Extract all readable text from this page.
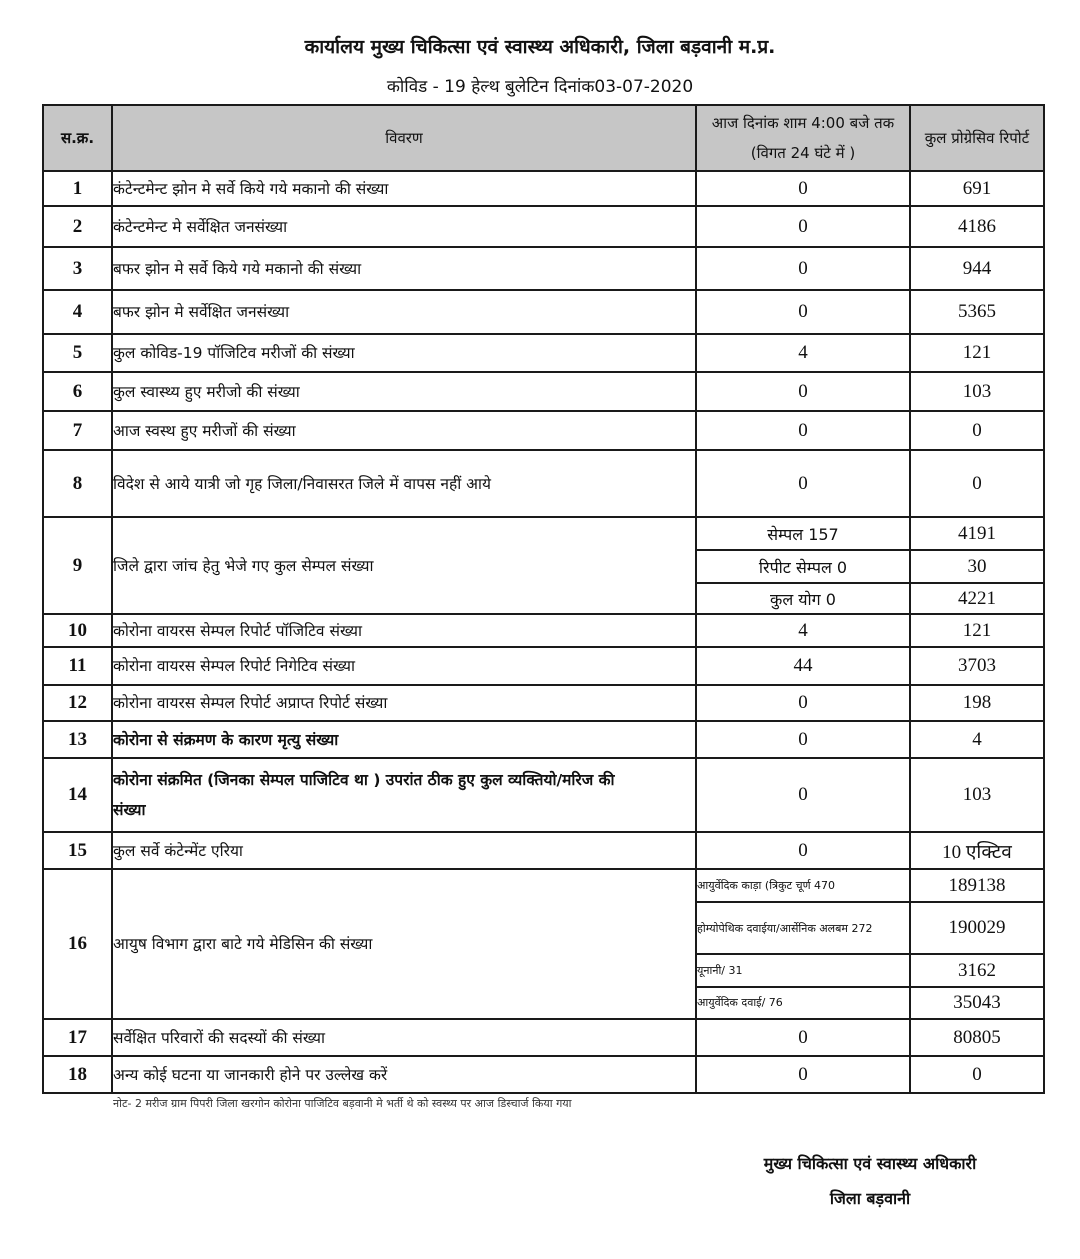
कार्यालय मुख्य चिकित्सा एवं स्वास्थ्य अधिकारी, जिला बड़वानी म.प्र.
कोविड - 19 हेल्थ बुलेटिन दिनांक03-07-2020
स.क्र.	विवरण	आज दिनांक शाम 4:00 बजे तक (विगत 24 घंटे में )	कुल प्रोग्रेसिव रिपोर्ट
1	कंटेन्टमेन्ट झोन मे सर्वे किये गये मकानो की संख्या	0	691
2	कंटेन्टमेन्ट मे सर्वेक्षित जनसंख्या	0	4186
3	बफर झोन मे सर्वे किये गये मकानो की संख्या	0	944
4	बफर झोन मे सर्वेक्षित जनसंख्या	0	5365
5	कुल कोविड-19 पॉजिटिव मरीजों की संख्या	4	121
6	कुल स्वास्थ्य हुए मरीजो की संख्या	0	103
7	आज स्वस्थ हुए मरीजों की संख्या	0	0
8	विदेश से आये यात्री जो गृह जिला/निवासरत जिले में वापस नहीं आये	0	0
9	जिले द्वारा जांच हेतु भेजे गए कुल सेम्पल संख्या	सेम्पल 157	4191
		रिपीट सेम्पल 0	30
		कुल योग 0	4221
10	कोरोना वायरस सेम्पल रिपोर्ट पॉजिटिव संख्या	4	121
11	कोरोना वायरस सेम्पल रिपोर्ट निगेटिव संख्या	44	3703
12	कोरोना वायरस सेम्पल रिपोर्ट अप्राप्त रिपोर्ट संख्या	0	198
13	कोरोना से संक्रमण के कारण मृत्यु संख्या	0	4
14	कोरोना संक्रमित (जिनका सेम्पल पाजिटिव था ) उपरांत ठीक हुए कुल व्यक्तियो/मरिज की संख्या	0	103
15	कुल सर्वे कंटेन्मेंट एरिया	0	10 एक्टिव
16	आयुष विभाग द्वारा बाटे गये मेडिसिन की संख्या	आयुर्वेदिक काड़ा (त्रिकुट चूर्ण 470	189138
		होम्योपेथिक दवाईया/आर्सेनिक अलबम 272	190029
		यूनानी/ 31	3162
		आयुर्वेदिक दवाई/ 76	35043
17	सर्वेक्षित परिवारों की सदस्यों की संख्या	0	80805
18	अन्य कोई घटना या जानकारी होने पर उल्लेख करें	0	0
नोट- 2 मरीज ग्राम पिपरी जिला खरगोन कोरोना पाजिटिव बड़वानी मे भर्ती थे को स्वस्थ्य पर आज डिस्चार्ज किया गया
मुख्य चिकित्सा एवं स्वास्थ्य अधिकारी
जिला बड़वानी
